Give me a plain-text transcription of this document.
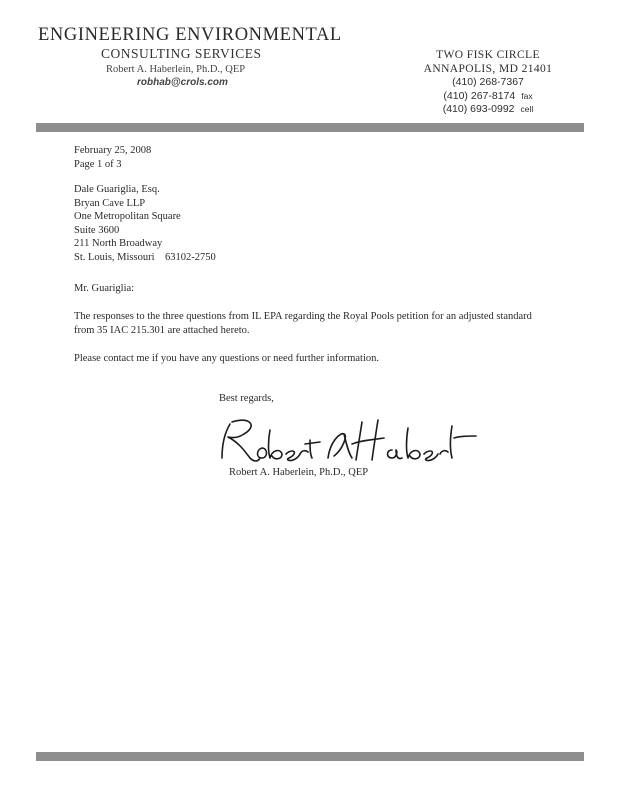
ENGINEERING ENVIRONMENTAL
CONSULTING SERVICES
Robert A. Haberlein, Ph.D., QEP
robhab@crols.com
TWO FISK CIRCLE
ANNAPOLIS, MD 21401
(410) 268-7367
(410) 267-8174 fax
(410) 693-0992 cell
February 25, 2008
Page 1 of 3
Dale Guariglia, Esq.
Bryan Cave LLP
One Metropolitan Square
Suite 3600
211 North Broadway
St. Louis, Missouri    63102-2750
Mr. Guariglia:
The responses to the three questions from IL EPA regarding the Royal Pools petition for an adjusted standard from 35 IAC 215.301 are attached hereto.
Please contact me if you have any questions or need further information.
Best regards,
Robert A. Haberlein, Ph.D., QEP
